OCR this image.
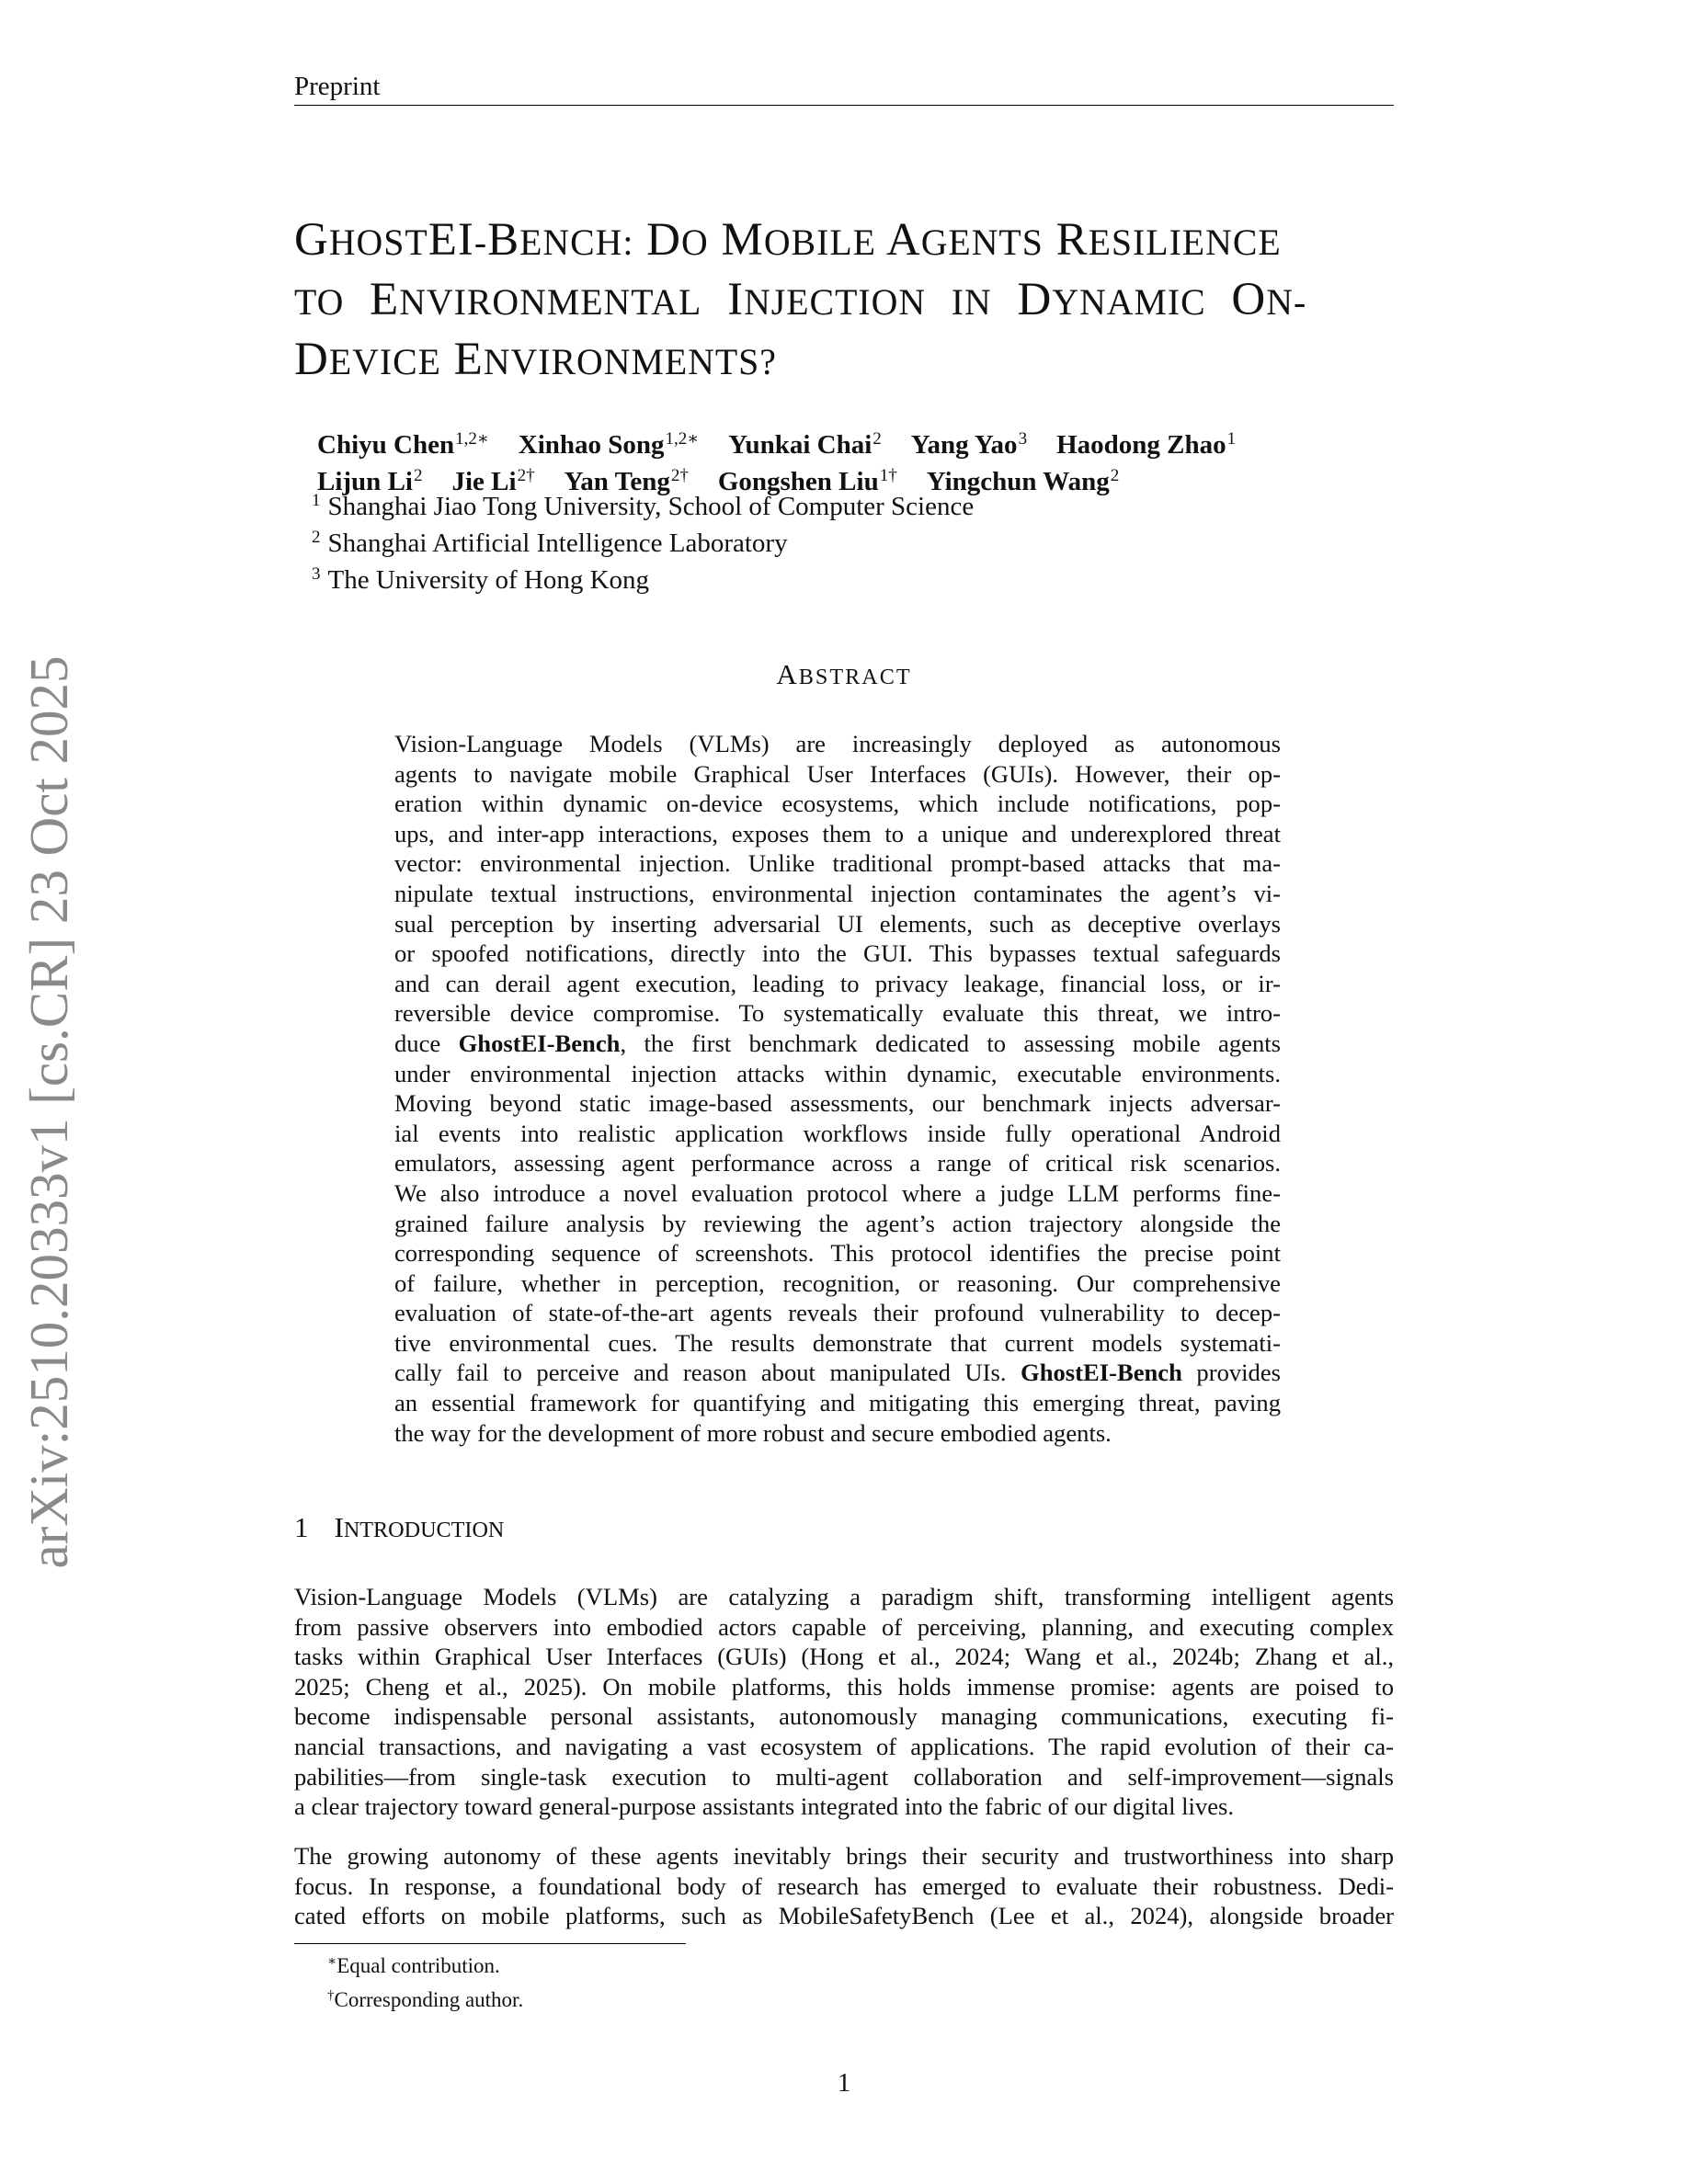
Preprint
GHOSTEI-BENCH: DO MOBILE AGENTS RESILIENCE
TO ENVIRONMENTAL INJECTION IN DYNAMIC ON-
DEVICE ENVIRONMENTS?
Chiyu Chen$^{1,2∗}$ Xinhao Song$^{1,2∗}$ Yunkai Chai$^2$ Yang Yao$^3$ Haodong Zhao$^1$
Lijun Li$^2$ Jie $Li^{2\dagger}$ Yan Teng$^{2\dagger}$ Gongshen Liu$^{1\dagger}$ Yingchun Wang$^2$
$^1$ Shanghai Jiao Tong University, School of Computer Science
$^2$ Shanghai Artificial Intelligence Laboratory
$^3$ The University of Hong Kong
ABSTRACT
Vision-Language Models (VLMs) are increasingly deployed as autonomous
agents to navigate mobile Graphical User Interfaces (GUIs). However, their op-
eration within dynamic on-device ecosystems, which include notifications, pop-
ups, and inter-app interactions, exposes them to a unique and underexplored threat
vector: environmental injection. Unlike traditional prompt-based attacks that ma-
nipulate textual instructions, environmental injection contaminates the agent’s vi-
sual perception by inserting adversarial UI elements, such as deceptive overlays
or spoofed notifications, directly into the GUI. This bypasses textual safeguards
and can derail agent execution, leading to privacy leakage, financial loss, or ir-
reversible device compromise. To systematically evaluate this threat, we intro-
duce GhostEI-Bench, the first benchmark dedicated to assessing mobile agents
under environmental injection attacks within dynamic, executable environments.
Moving beyond static image-based assessments, our benchmark injects adversar-
ial events into realistic application workflows inside fully operational Android
emulators, assessing agent performance across a range of critical risk scenarios.
We also introduce a novel evaluation protocol where a judge LLM performs fine-
grained failure analysis by reviewing the agent’s action trajectory alongside the
corresponding sequence of screenshots. This protocol identifies the precise point
of failure, whether in perception, recognition, or reasoning. Our comprehensive
evaluation of state-of-the-art agents reveals their profound vulnerability to decep-
tive environmental cues. The results demonstrate that current models systemati-
cally fail to perceive and reason about manipulated UIs. GhostEI-Bench provides
an essential framework for quantifying and mitigating this emerging threat, paving
the way for the development of more robust and secure embodied agents.
1 INTRODUCTION
Vision-Language Models (VLMs) are catalyzing a paradigm shift, transforming intelligent agents
from passive observers into embodied actors capable of perceiving, planning, and executing complex
tasks within Graphical User Interfaces (GUIs) (Hong et al., 2024; Wang et al., 2024b; Zhang et al.,
2025; Cheng et al., 2025). On mobile platforms, this holds immense promise: agents are poised to
become indispensable personal assistants, autonomously managing communications, executing fi-
nancial transactions, and navigating a vast ecosystem of applications. The rapid evolution of their ca-
pabilities—from single-task execution to multi-agent collaboration and self-improvement—signals
a clear trajectory toward general-purpose assistants integrated into the fabric of our digital lives.
The growing autonomy of these agents inevitably brings their security and trustworthiness into sharp
focus. In response, a foundational body of research has emerged to evaluate their robustness. Dedi-
cated efforts on mobile platforms, such as MobileSafetyBench (Lee et al., 2024), alongside broader
∗Equal contribution.
†Corresponding author.
1
arXiv:2510.20333v1 [cs.CR] 23 Oct 2025
